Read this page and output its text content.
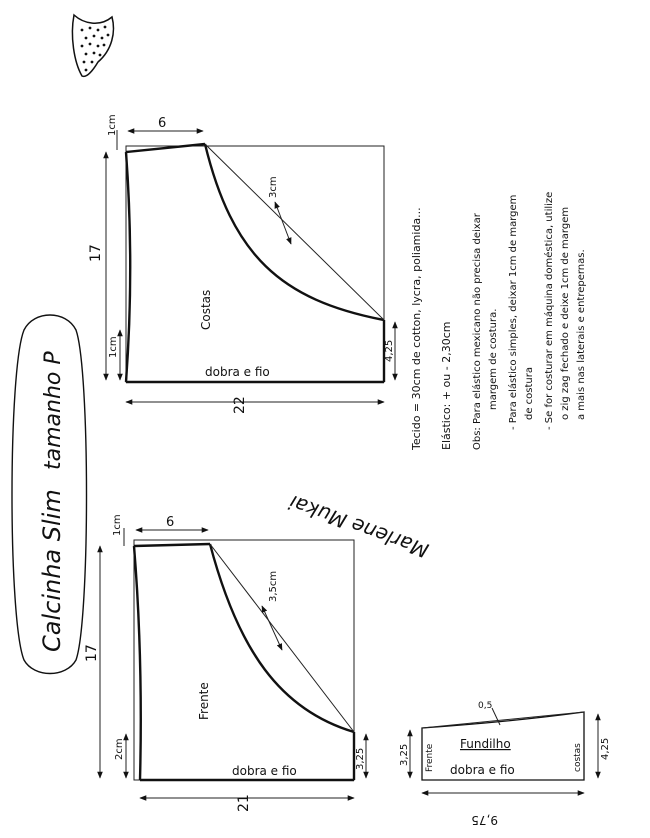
Calcinha Slim
tamanho P
3cm
Costas
dobra e fio
6
1cm
17
1cm	4,25
22
3,5cm
Frente
dobra e fio
6
1cm
17
2cm	3,25
21
0,5
Fundilho
dobra e fio
Frente	costas
3,25	4,25
9,75
Tecido = 30cm de cotton, lycra, poliamida... Elástico: + ou - 2,30cm Obs: Para elástico mexicano não precisa deixar margem de costura. - Para elástico simples, deixar 1cm de margem de costura - Se for costurar em máquina doméstica, utilize o zig zag fechado e deixe 1cm de margem a mais nas laterais e entrepernas.
Marlene Mukai
